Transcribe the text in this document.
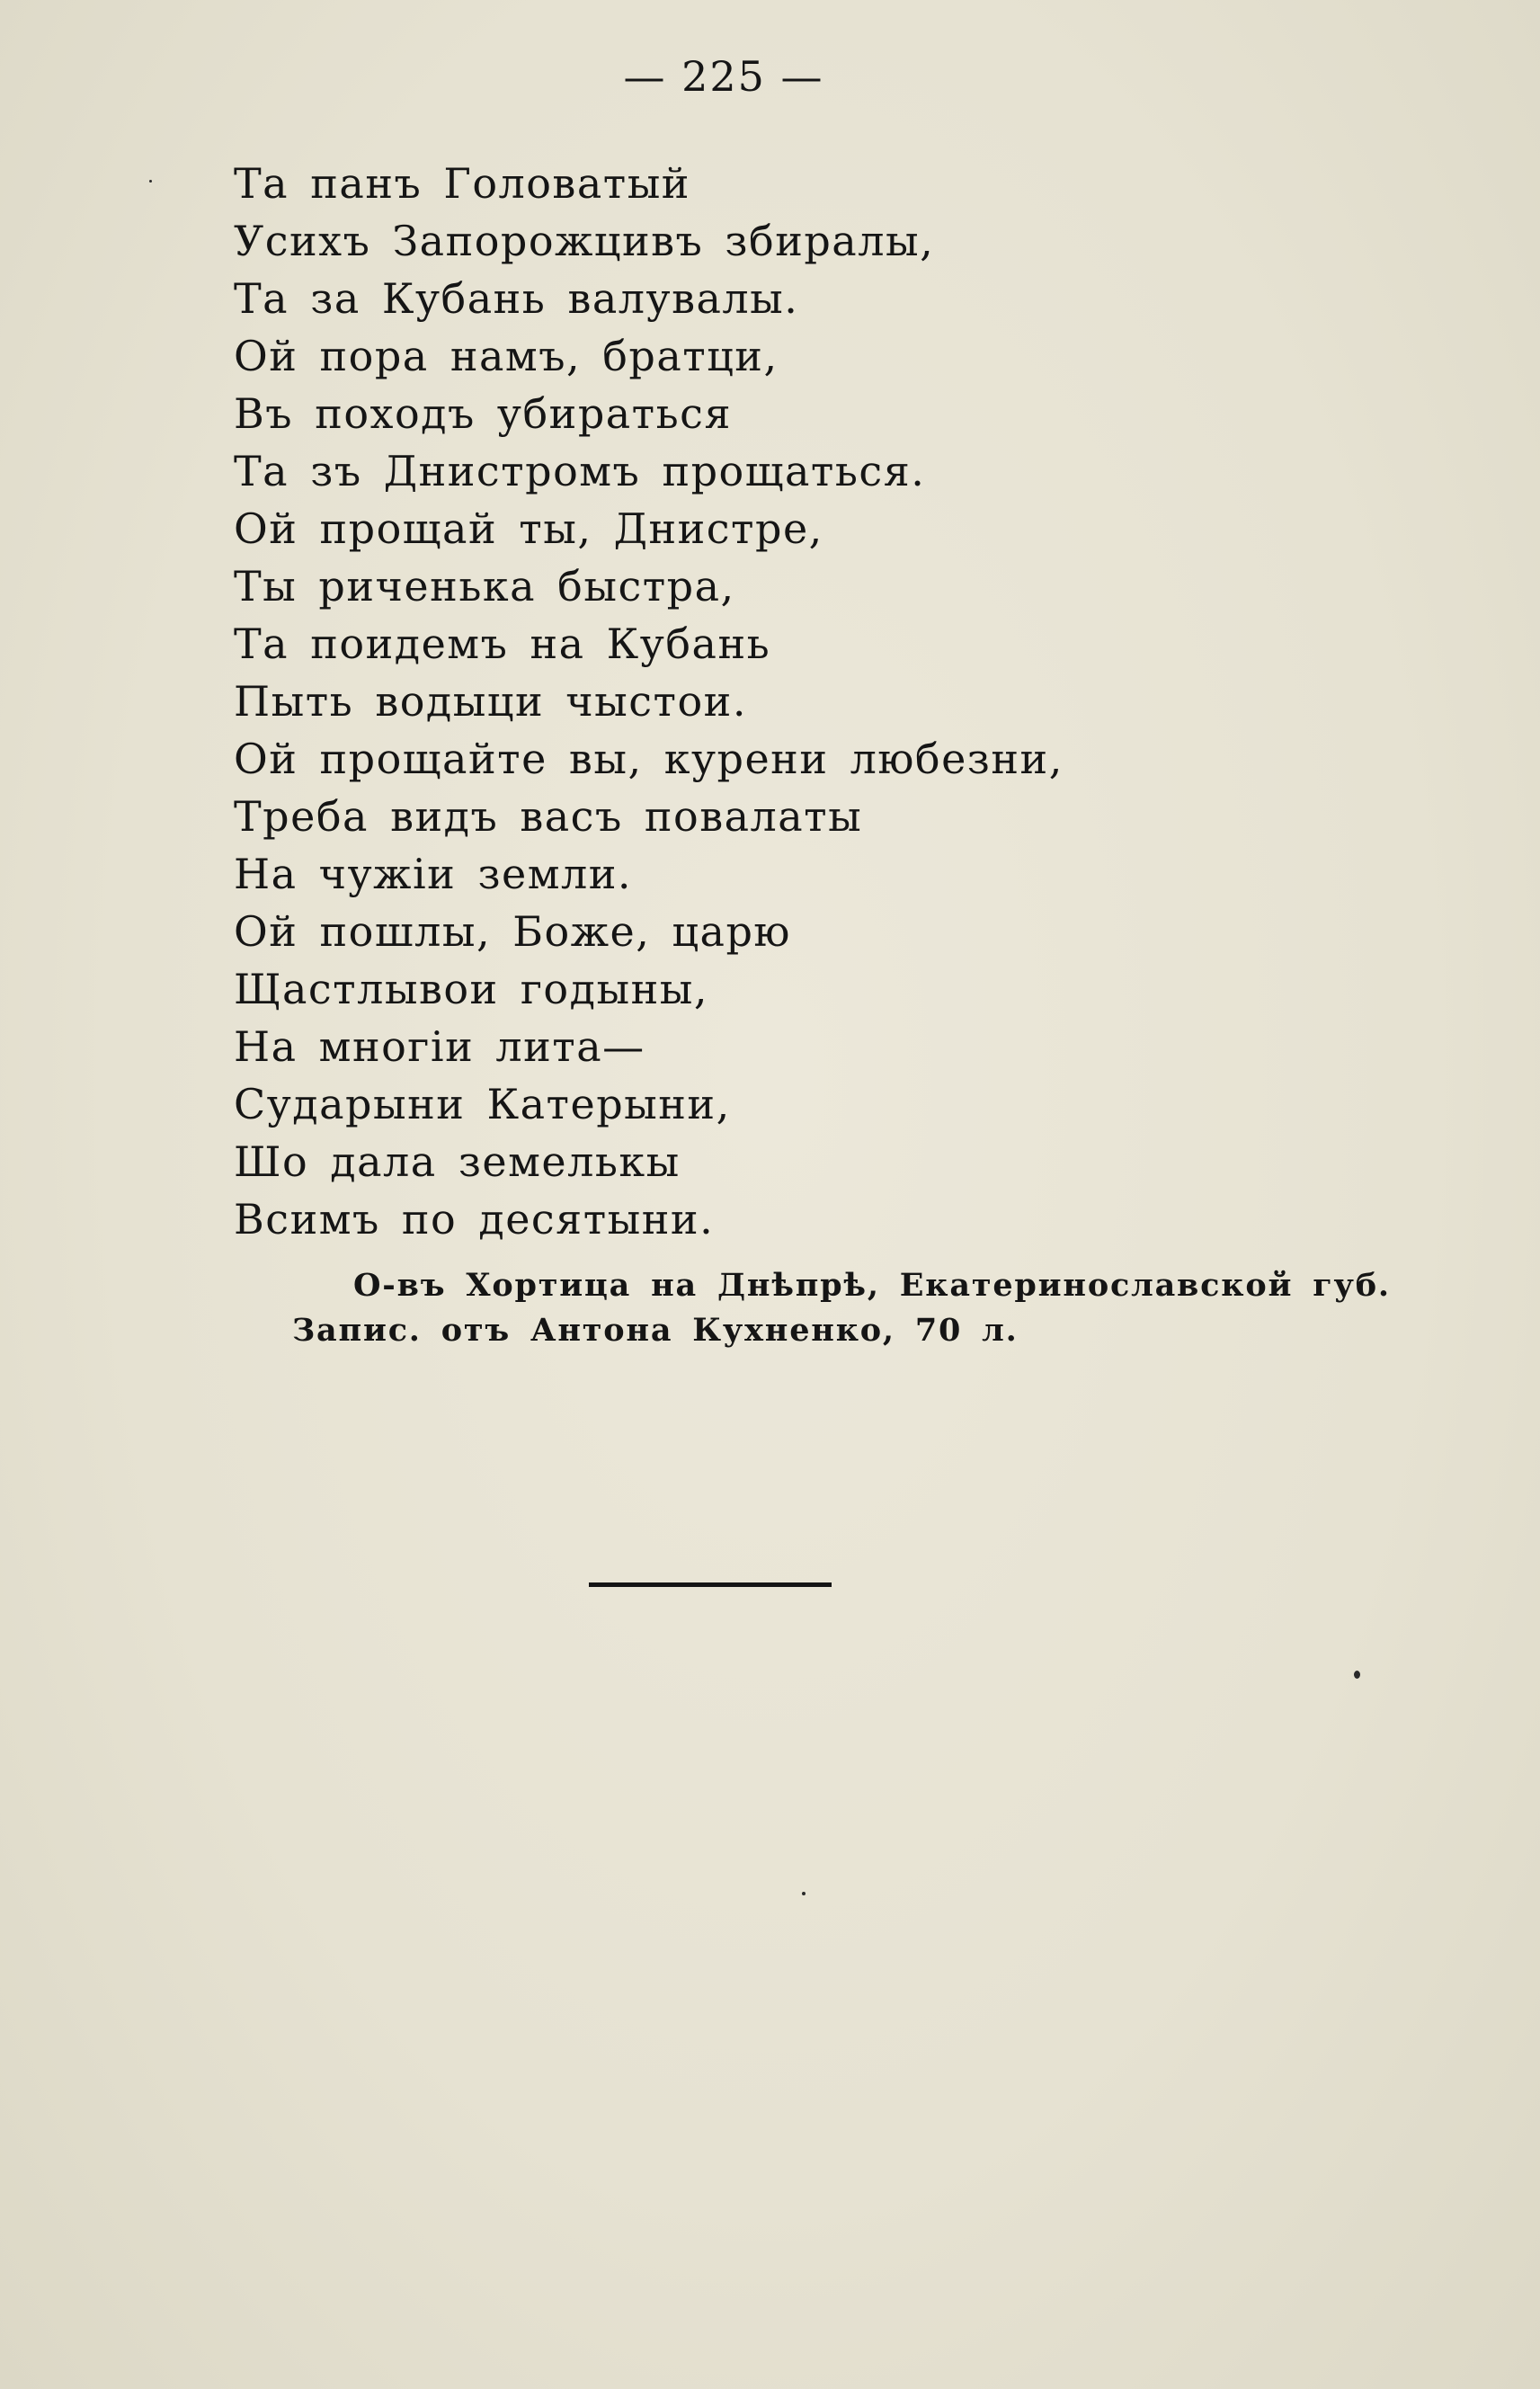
— 225 —
Та панъ Головатый
Усихъ Запорожцивъ збиралы,
Та за Кубань валувалы.
Ой пора намъ, братци,
Въ походъ убираться
Та зъ Днистромъ прощаться.
Ой прощай ты, Днистре,
Ты риченька быстра,
Та поидемъ на Кубань
Пыть водыци чыстои.
Ой прощайте вы, курени любезни,
Треба видъ васъ повалаты
На чужiи земли.
Ой пошлы, Боже, царю
Щастлывои годыны,
На многiи лита—
Сударыни Катерыни,
Шо дала земелькы
Всимъ по десятыни.
О-въ Хортица на Днѣпрѣ, Екатеринославской губ.
Запис. отъ Антона Кухненко, 70 л.
